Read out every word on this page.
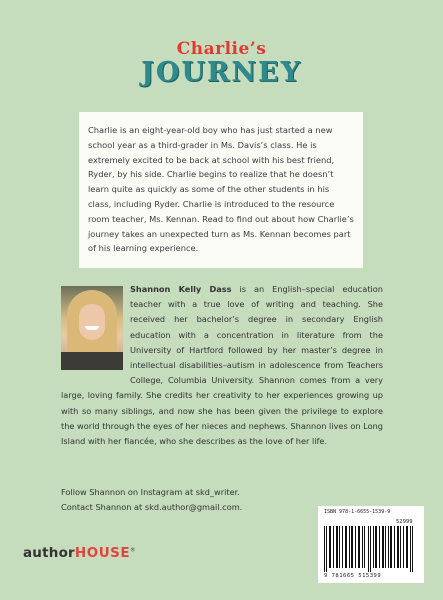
Charlie’s
JOURNEY
Charlie is an eight-year-old boy who has just started a new school year as a third-grader in Ms. Davis’s class. He is extremely excited to be back at school with his best friend, Ryder, by his side. Charlie begins to realize that he doesn’t learn quite as quickly as some of the other students in his class, including Ryder. Charlie is introduced to the resource room teacher, Ms. Kennan. Read to find out about how Charlie’s journey takes an unexpected turn as Ms. Kennan becomes part of his learning experience.
Shannon Kelly Dass is an English–special education teacher with a true love of writing and teaching. She received her bachelor’s degree in secondary English education with a concentration in literature from the University of Hartford followed by her master’s degree in intellectual disabilities–autism in adolescence from Teachers College, Columbia University. Shannon comes from a very large, loving family. She credits her creativity to her experiences growing up with so many siblings, and now she has been given the privilege to explore the world through the eyes of her nieces and nephews. Shannon lives on Long Island with her fiancée, who she describes as the love of her life.
Follow Shannon on Instagram at skd_writer.
Contact Shannon at skd.author@gmail.com.
authorHOUSE®
ISBN 978-1-6655-1539-9
52999
9 781665 515399
